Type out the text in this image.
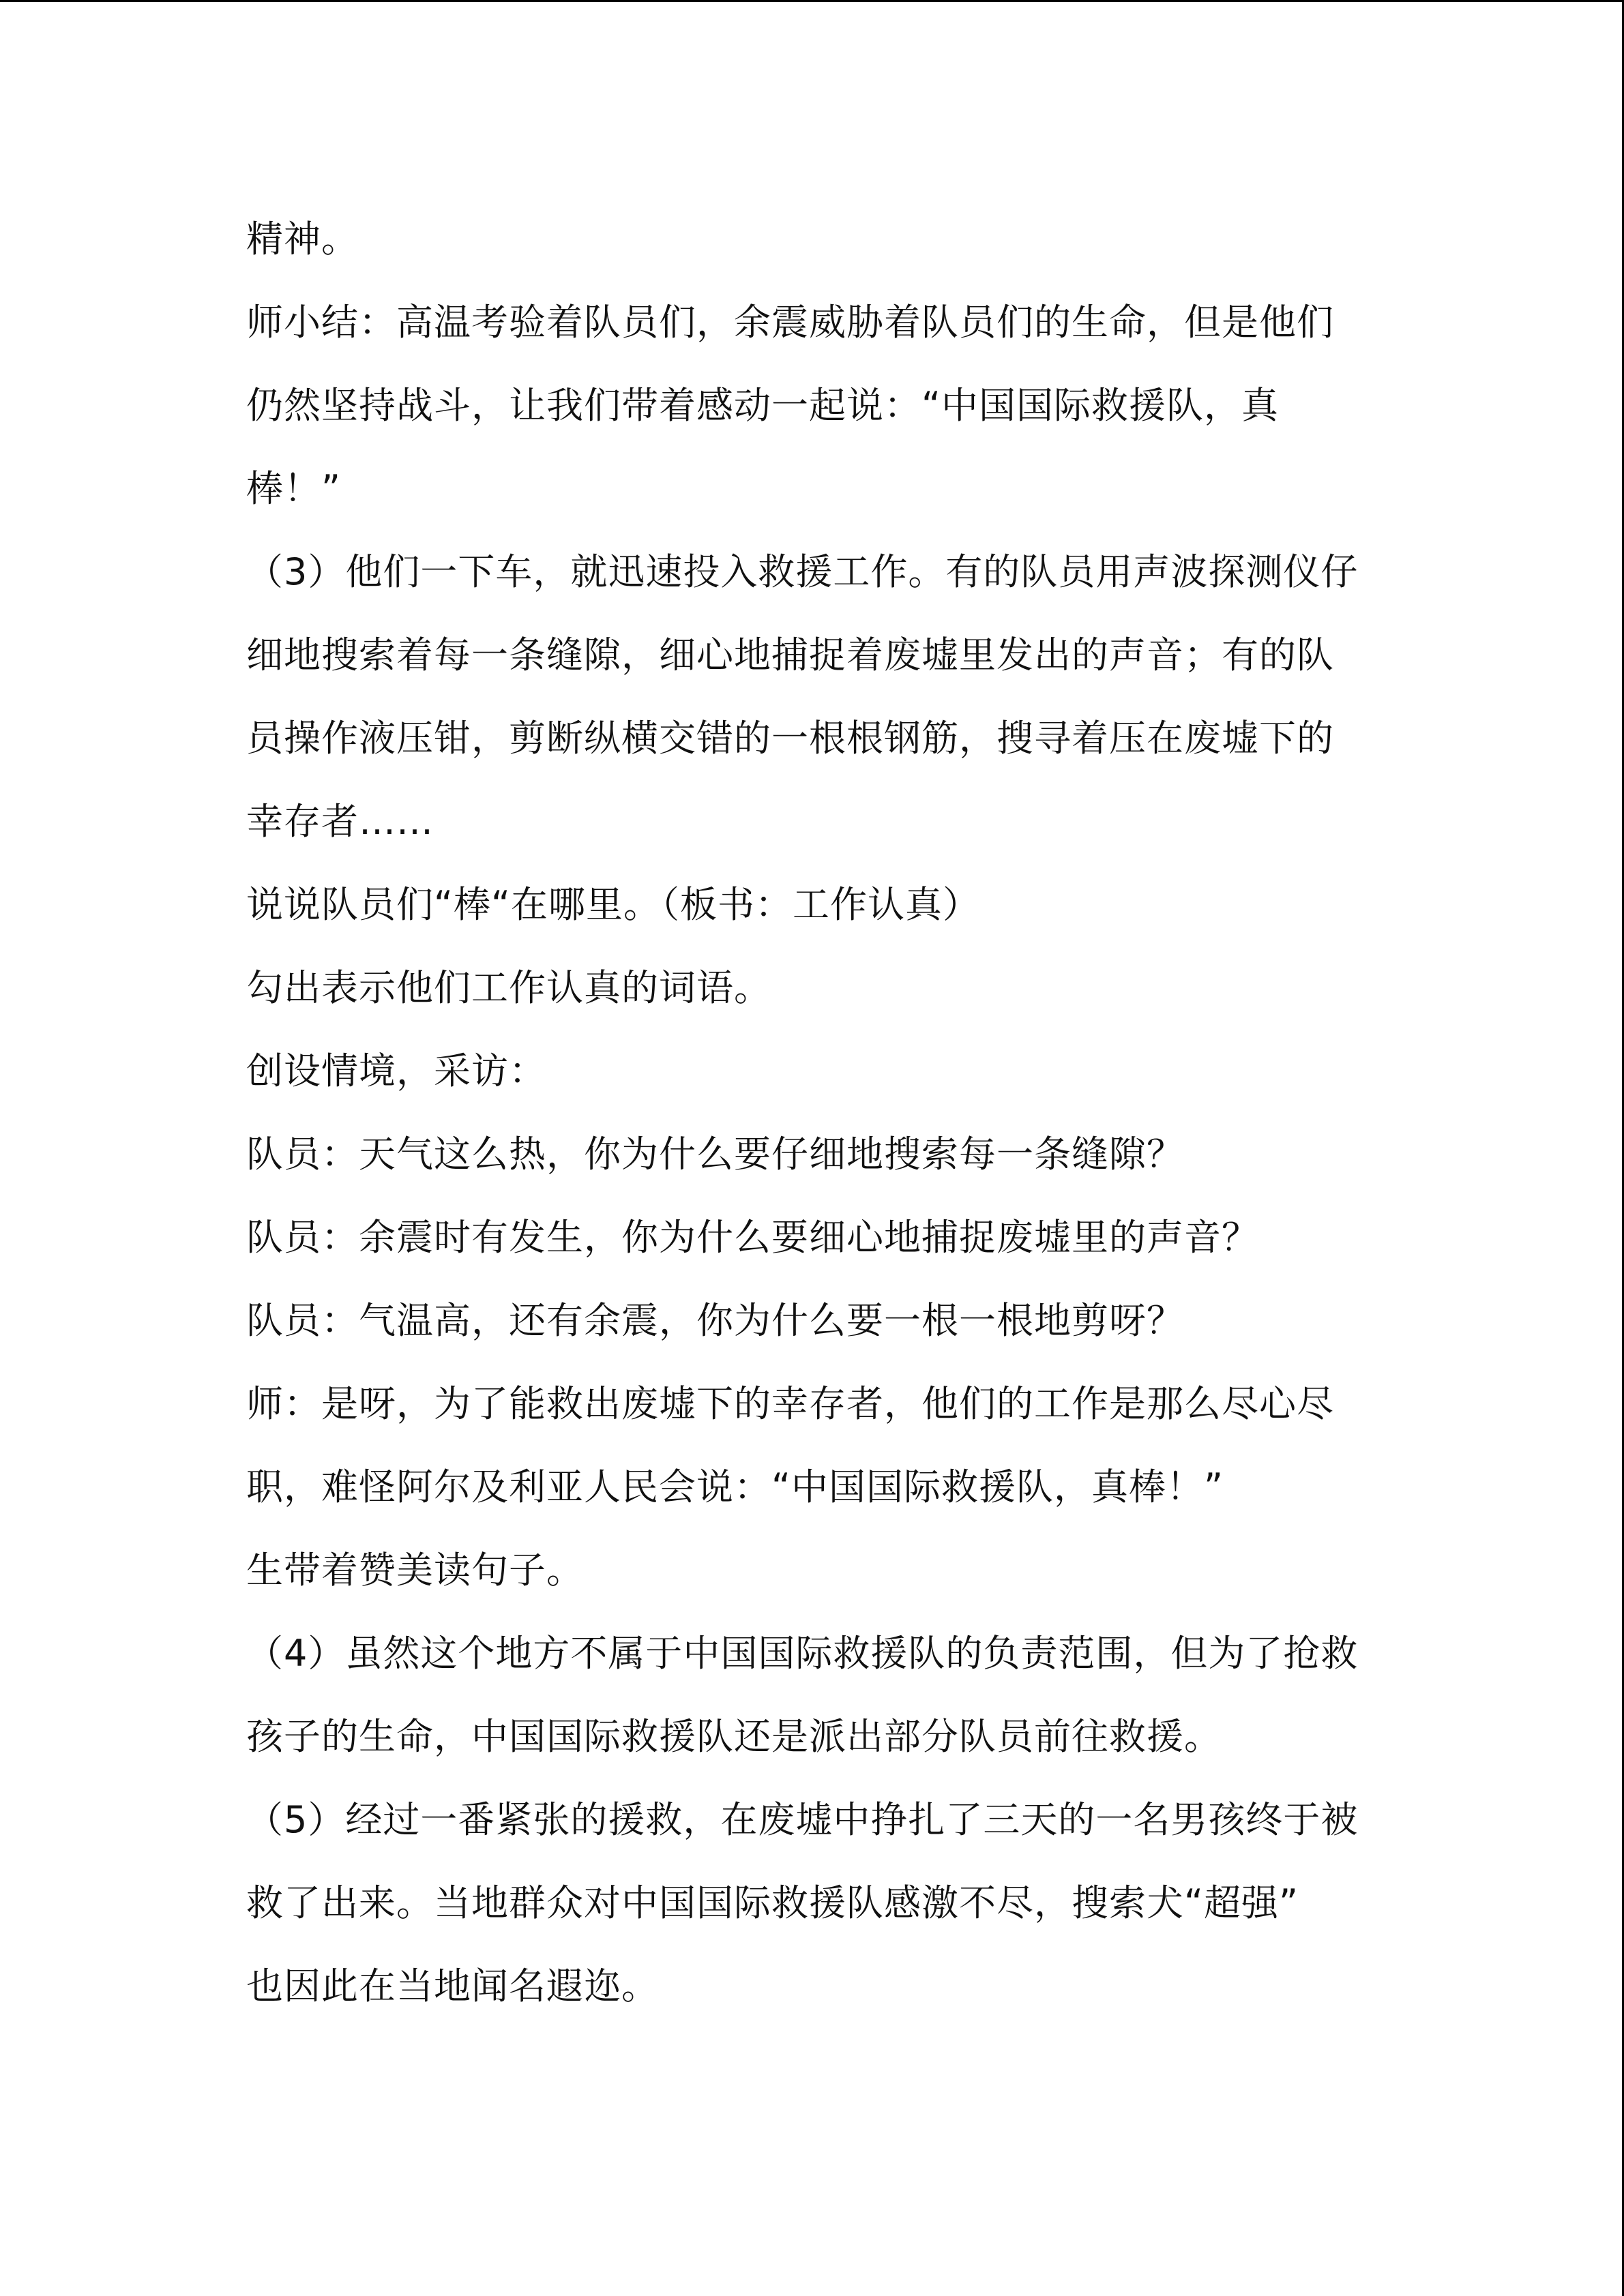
精神。
师小结：高温考验着队员们，余震威胁着队员们的生命，但是他们
仍然坚持战斗，让我们带着感动一起说：“中国国际救援队，真
棒！”
（3）他们一下车，就迅速投入救援工作。有的队员用声波探测仪仔
细地搜索着每一条缝隙，细心地捕捉着废墟里发出的声音；有的队
员操作液压钳，剪断纵横交错的一根根钢筋，搜寻着压在废墟下的
幸存者……
说说队员们“棒“在哪里。（板书：工作认真）
勾出表示他们工作认真的词语。
创设情境，采访：
队员：天气这么热，你为什么要仔细地搜索每一条缝隙？
队员：余震时有发生，你为什么要细心地捕捉废墟里的声音？
队员：气温高，还有余震，你为什么要一根一根地剪呀？
师：是呀，为了能救出废墟下的幸存者，他们的工作是那么尽心尽
职，难怪阿尔及利亚人民会说：“中国国际救援队，真棒！”
生带着赞美读句子。
（4）虽然这个地方不属于中国国际救援队的负责范围，但为了抢救
孩子的生命，中国国际救援队还是派出部分队员前往救援。
（5）经过一番紧张的援救，在废墟中挣扎了三天的一名男孩终于被
救了出来。当地群众对中国国际救援队感激不尽，搜索犬“超强”
也因此在当地闻名遐迩。
